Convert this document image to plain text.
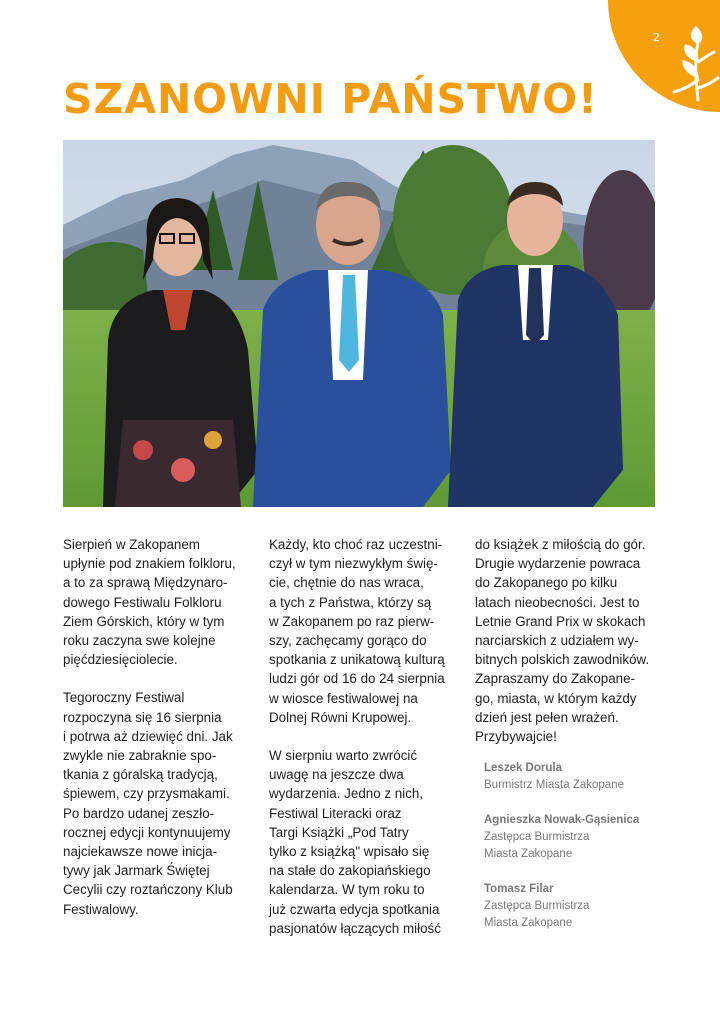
2
SZANOWNI PAŃSTWO!

Sierpień w Zakopanem
upłynie pod znakiem folkloru,
a to za sprawą Międzynaro-
dowego Festiwalu Folkloru
Ziem Górskich, który w tym
roku zaczyna swe kolejne
pięćdziesięciolecie.

Tegoroczny Festiwal
rozpoczyna się 16 sierpnia
i potrwa aż dziewięć dni. Jak
zwykle nie zabraknie spo-
tkania z góralską tradycją,
śpiewem, czy przysmakami.
Po bardzo udanej zeszło-
rocznej edycji kontynuujemy
najciekawsze nowe inicja-
tywy jak Jarmark Świętej
Cecylii czy roztańczony Klub
Festiwalowy.

Każdy, kto choć raz uczestni-
czył w tym niezwykłym świę-
cie, chętnie do nas wraca,
a tych z Państwa, którzy są
w Zakopanem po raz pierw-
szy, zachęcamy gorąco do
spotkania z unikatową kulturą
ludzi gór od 16 do 24 sierpnia
w wiosce festiwalowej na
Dolnej Równi Krupowej.

W sierpniu warto zwrócić
uwagę na jeszcze dwa
wydarzenia. Jedno z nich,
Festiwal Literacki oraz
Targi Książki „Pod Tatry
tylko z książką" wpisało się
na stałe do zakopiańskiego
kalendarza. W tym roku to
już czwarta edycja spotkania
pasjonatów łączących miłość

do książek z miłością do gór.
Drugie wydarzenie powraca
do Zakopanego po kilku
latach nieobecności. Jest to
Letnie Grand Prix w skokach
narciarskich z udziałem wy-
bitnych polskich zawodników.
Zapraszamy do Zakopane-
go, miasta, w którym każdy
dzień jest pełen wrażeń.
Przybywajcie!

Leszek Dorula
Burmistrz Miasta Zakopane
Agnieszka Nowak-Gąsienica
Zastępca Burmistrza
Miasta Zakopane
Tomasz Filar
Zastępca Burmistrza
Miasta Zakopane
